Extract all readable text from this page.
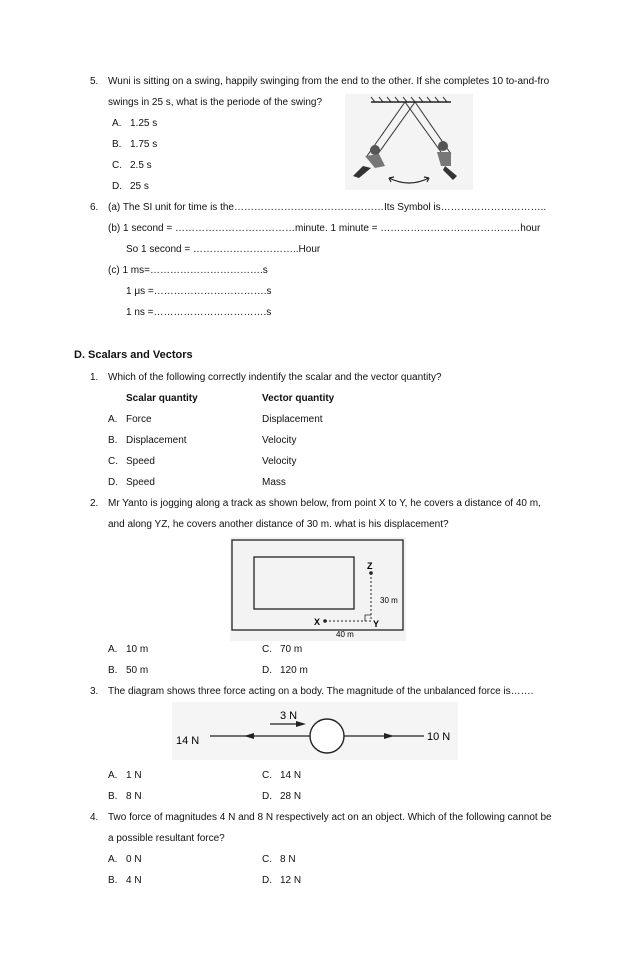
5. Wuni is sitting on a swing, happily swinging from the end to the other. If she completes 10 to-and-fro
swings in 25 s, what is the periode of the swing?
A. 1.25 s
B. 1.75 s
C. 2.5 s
D. 25 s
6. (a) The SI unit for time is the………………………………………Its Symbol is…………………………..
(b) 1 second = ………………………………minute. 1 minute = ……………………………………hour
So 1 second = …………………………..Hour
(c) 1 ms=…………………………….s
1 μs =…………………………….s
1 ns =…………………………….s
D. Scalars and Vectors
1. Which of the following correctly indentify the scalar and the vector quantity?
Scalar quantity	Vector quantity
A. Force	Displacement
B. Displacement	Velocity
C. Speed	Velocity
D. Speed	Mass
2. Mr Yanto is jogging along a track as shown below, from point X to Y, he covers a distance of 40 m,
and along YZ, he covers another distance of 30 m. what is his displacement?
X	Y
Z
30 m
40 m
A. 10 m	C. 70 m
B. 50 m	D. 120 m
3. The diagram shows three force acting on a body. The magnitude of the unbalanced force is…….
3 N
14 N	10 N
A. 1 N	C. 14 N
B. 8 N	D. 28 N
4. Two force of magnitudes 4 N and 8 N respectively act on an object. Which of the following cannot be
a possible resultant force?
A. 0 N	C. 8 N
B. 4 N	D. 12 N
